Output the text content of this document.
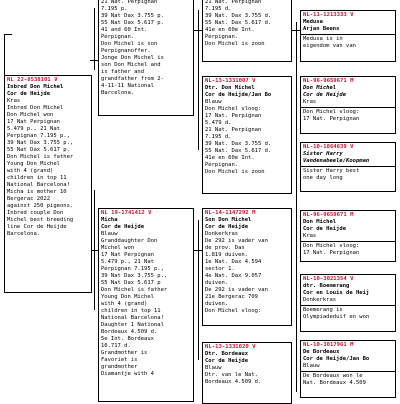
NL 22-8538101 V
Inbred Don Michel
Cor de Heijde
Kras
Inbred Don Michel
Don Michel won
17 Nat Perpignan
5.479 p., 21 Nat
Perpignan 7.195 p.,
39 Nat Dax 3.755 p.,
55 Nat Dax 5.617 p.
Don Michel is father
Young Don Michel
with 4 (grand)
children in top 11
National Barcelona!
Micha is mother 10
Bergerac 2022
against 250 pigeons.
Inbred couple Don
Michel best breeding
line Cor de Heijde
Barcelona.
21 Nat. Perpignan
7.195 p.
39 Nat Dax 3.755 p.
55 Nat Dax 5.617 p.
41 and 60 Int.
Perpignan.
Don Michel is son
Perpignanoffer.
Jonge Don Michel is
son Don Michel and
is father and
grandfather from 2-
4-11-11 National
Barcelona.
NL 19-1741412 V
Micha
Cor de Heijde
Blauw
Granddaughter Don
Michel won
17 Nat Perpignan
5.479 p., 21 Nat
Perpignan 7.195 p.,
39 Nat Dax 3.755 p.,
55 Nat Dax 5.617 p
Don Michel is father
Young Don Michel
with 4 (grand)
children in top 11
National Barcelona!
Daughter 1 National
Bordeaux 4.509 d.
5e Int. Bordeaux
10.717 d.
Grandmother is
Favoriet is
grandmother
Diamantje with 4
21 Nat. Perpignan
7.195 d.
39 Nat. Dax 3.755 d.
55 Nat. Dax 5.617 d.
41e en 60e Int.
Perpignan.
Don Michel is zoon
NL-13-1331007 V
Dtr. Don Michel
Cor de Heijde/Jan Bo
Blauw
Don Michel vloog:
17 Nat. Perpignan
5.479 d.
21 Nat. Perpignan
7.195 d.
39 Nat. Dax 3.755 d.
55 Nat. Dax 5.617 d.
41e en 60e Int.
Perpignan.
Don Michel is zoon
NL-14-1147292 M
Son Don Michel
Cor de Heijde
Donkerkras
De 292 is vader van
de prov. Dax
1.819 duiven.
1e Nat. Dax 4.594
sector 1.
4e Nat. Dax 9.057
duiven.
De 292 is vader van
21e Bergerac 709
duiven.
Don Michel vloog:
NL-13-1331020 V
Dtr. Bordeaux
Cor de Heijde
Blauw
Dtr. van le Nat.
Bordeaux 4.509 d.
NL-11-1213333 V
Medusa
Arjan Beens
Medusa is in
eigendom van van
NL-96-9659671 M
Don Michel
Cor de Heijde
Kras
Don Michel vloog:
17 Nat. Perpignan
NL-10-1864639 V
Sister Harry
Vandenabeele/Koopman
Sister Harry best
one day long
NL-96-9659671 M
Don Michel
Cor de Heijde
Kras
Don Michel vloog:
17 Nat. Perpignan
NL-10-3021354 V
dtr. Boemerang
Cor en Louis de Heij
Donkerkras
Boemerang is
Olympiadeduif en won
NL-10-3017961 M
De Bordeaux
Cor de Heijde/Jan Bo
Blauw
De Bordeaux won le
Nat. Bordeaux 4.509
